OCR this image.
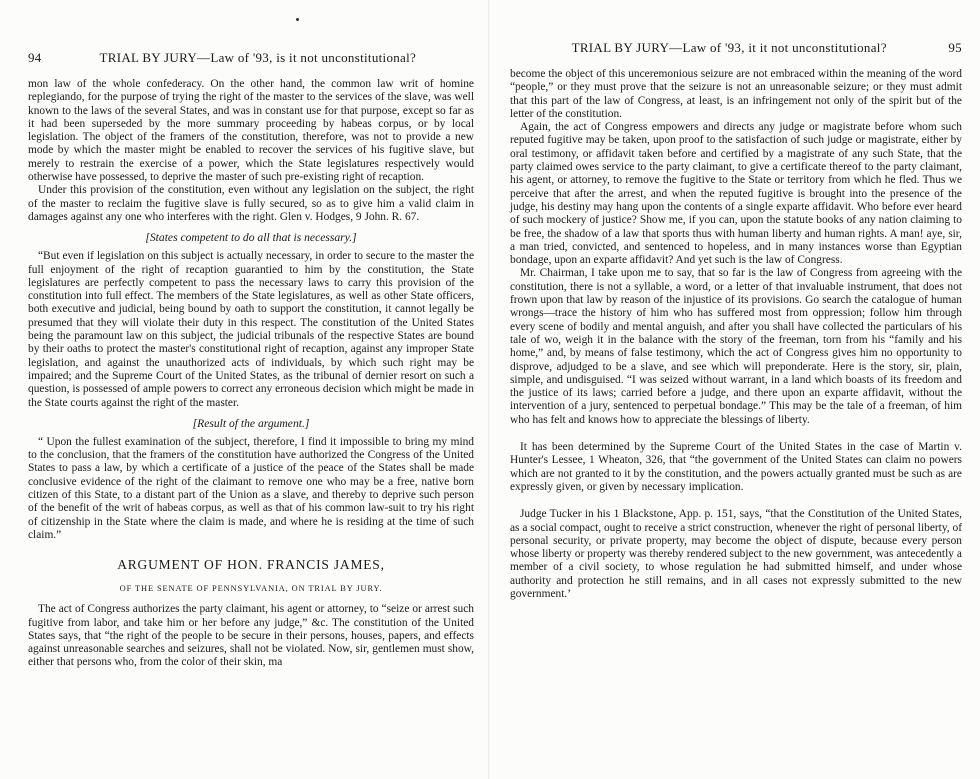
94	TRIAL BY JURY—Law of '93, is it not unconstitutional?

mon law of the whole confederacy. On the other hand, the common law writ of homine replegiando, for the purpose of trying the right of the master to the services of the slave, was well known to the laws of the several States, and was in constant use for that purpose, except so far as it had been superseded by the more summary proceeding by habeas corpus, or by local legislation. The object of the framers of the constitution, therefore, was not to provide a new mode by which the master might be enabled to recover the services of his fugitive slave, but merely to restrain the exercise of a power, which the State legislatures respectively would otherwise have possessed, to deprive the master of such pre-existing right of recaption.

Under this provision of the constitution, even without any legislation on the subject, the right of the master to reclaim the fugitive slave is fully secured, so as to give him a valid claim in damages against any one who interferes with the right. Glen v. Hodges, 9 John. R. 67.

[States competent to do all that is necessary.]

“But even if legislation on this subject is actually necessary, in order to secure to the master the full enjoyment of the right of recaption guarantied to him by the constitution, the State legislatures are perfectly competent to pass the necessary laws to carry this provision of the constitution into full effect. The members of the State legislatures, as well as other State officers, both executive and judicial, being bound by oath to support the constitution, it cannot legally be presumed that they will violate their duty in this respect. The constitution of the United States being the paramount law on this subject, the judicial tribunals of the respective States are bound by their oaths to protect the master's constitutional right of recaption, against any improper State legislation, and against the unauthorized acts of individuals, by which such right may be impaired; and the Supreme Court of the United States, as the tribunal of dernier resort on such a question, is possessed of ample powers to correct any erroneous decision which might be made in the State courts against the right of the master.

[Result of the argument.]

“ Upon the fullest examination of the subject, therefore, I find it impossible to bring my mind to the conclusion, that the framers of the constitution have authorized the Congress of the United States to pass a law, by which a certificate of a justice of the peace of the States shall be made conclusive evidence of the right of the claimant to remove one who may be a free, native born citizen of this State, to a distant part of the Union as a slave, and thereby to deprive such person of the benefit of the writ of habeas corpus, as well as that of his common law-suit to try his right of citizenship in the State where the claim is made, and where he is residing at the time of such claim.”

ARGUMENT OF HON. FRANCIS JAMES,
OF THE SENATE OF PENNSYLVANIA, ON TRIAL BY JURY.

The act of Congress authorizes the party claimant, his agent or attorney, to “seize or arrest such fugitive from labor, and take him or her before any judge,” &c. The constitution of the United States says, that “the right of the people to be secure in their persons, houses, papers, and effects against unreasonable searches and seizures, shall not be violated. Now, sir, gentlemen must show, either that persons who, from the color of their skin, ma

TRIAL BY JURY—Law of '93, it it not unconstitutional?	95

become the object of this unceremonious seizure are not embraced within the meaning of the word “people,” or they must prove that the seizure is not an unreasonable seizure; or they must admit that this part of the law of Congress, at least, is an infringement not only of the spirit but of the letter of the constitution.

Again, the act of Congress empowers and directs any judge or magistrate before whom such reputed fugitive may be taken, upon proof to the satisfaction of such judge or magistrate, either by oral testimony, or affidavit taken before and certified by a magistrate of any such State, that the party claimed owes service to the party claimant, to give a certificate thereof to the party claimant, his agent, or attorney, to remove the fugitive to the State or territory from which he fled. Thus we perceive that after the arrest, and when the reputed fugitive is brought into the presence of the judge, his destiny may hang upon the contents of a single exparte affidavit. Who before ever heard of such mockery of justice? Show me, if you can, upon the statute books of any nation claiming to be free, the shadow of a law that sports thus with human liberty and human rights. A man! aye, sir, a man tried, convicted, and sentenced to hopeless, and in many instances worse than Egyptian bondage, upon an exparte affidavit? And yet such is the law of Congress.

Mr. Chairman, I take upon me to say, that so far is the law of Congress from agreeing with the constitution, there is not a syllable, a word, or a letter of that invaluable instrument, that does not frown upon that law by reason of the injustice of its provisions. Go search the catalogue of human wrongs—trace the history of him who has suffered most from oppression; follow him through every scene of bodily and mental anguish, and after you shall have collected the particulars of his tale of wo, weigh it in the balance with the story of the freeman, torn from his “family and his home,” and, by means of false testimony, which the act of Congress gives him no opportunity to disprove, adjudged to be a slave, and see which will preponderate. Here is the story, sir, plain, simple, and undisguised. “I was seized without warrant, in a land which boasts of its freedom and the justice of its laws; carried before a judge, and there upon an exparte affidavit, without the intervention of a jury, sentenced to perpetual bondage.” This may be the tale of a freeman, of him who has felt and knows how to appreciate the blessings of liberty.

It has been determined by the Supreme Court of the United States in the case of Martin v. Hunter's Lessee, 1 Wheaton, 326, that “the government of the United States can claim no powers which are not granted to it by the constitution, and the powers actually granted must be such as are expressly given, or given by necessary implication.

Judge Tucker in his 1 Blackstone, App. p. 151, says, “that the Constitution of the United States, as a social compact, ought to receive a strict construction, whenever the right of personal liberty, of personal security, or private property, may become the object of dispute, because every person whose liberty or property was thereby rendered subject to the new government, was antecedently a member of a civil society, to whose regulation he had submitted himself, and under whose authority and protection he still remains, and in all cases not expressly submitted to the new government.’
